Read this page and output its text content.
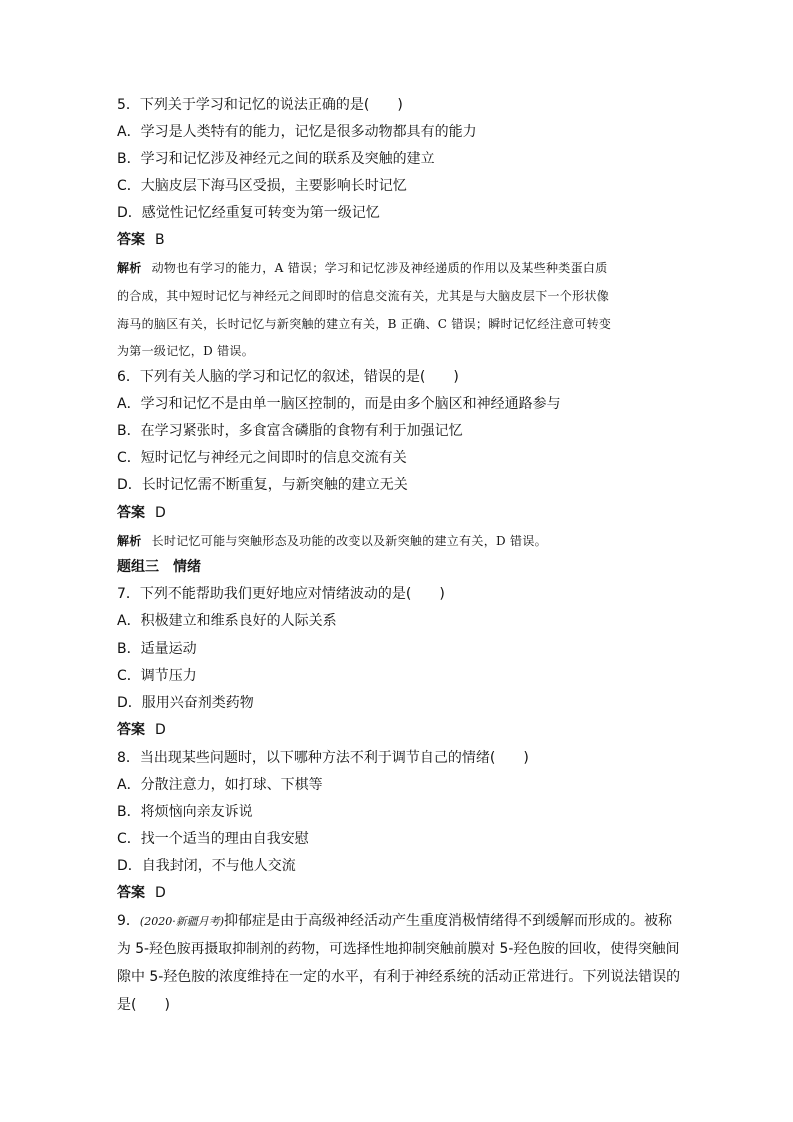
5．下列关于学习和记忆的说法正确的是(　　)
A．学习是人类特有的能力，记忆是很多动物都具有的能力
B．学习和记忆涉及神经元之间的联系及突触的建立
C．大脑皮层下海马区受损，主要影响长时记忆
D．感觉性记忆经重复可转变为第一级记忆
答案 B
解析 动物也有学习的能力，A 错误；学习和记忆涉及神经递质的作用以及某些种类蛋白质
的合成，其中短时记忆与神经元之间即时的信息交流有关，尤其是与大脑皮层下一个形状像
海马的脑区有关，长时记忆与新突触的建立有关，B 正确、C 错误；瞬时记忆经注意可转变
为第一级记忆，D 错误。
6．下列有关人脑的学习和记忆的叙述，错误的是(　　)
A．学习和记忆不是由单一脑区控制的，而是由多个脑区和神经通路参与
B．在学习紧张时，多食富含磷脂的食物有利于加强记忆
C．短时记忆与神经元之间即时的信息交流有关
D．长时记忆需不断重复，与新突触的建立无关
答案 D
解析 长时记忆可能与突触形态及功能的改变以及新突触的建立有关，D 错误。
题组三　情绪
7．下列不能帮助我们更好地应对情绪波动的是(　　)
A．积极建立和维系良好的人际关系
B．适量运动
C．调节压力
D．服用兴奋剂类药物
答案 D
8．当出现某些问题时，以下哪种方法不利于调节自己的情绪(　　)
A．分散注意力，如打球、下棋等
B．将烦恼向亲友诉说
C．找一个适当的理由自我安慰
D．自我封闭，不与他人交流
答案 D
9．(2020·新疆月考)抑郁症是由于高级神经活动产生重度消极情绪得不到缓解而形成的。被称
为 5-羟色胺再摄取抑制剂的药物，可选择性地抑制突触前膜对 5-羟色胺的回收，使得突触间
隙中 5-羟色胺的浓度维持在一定的水平，有利于神经系统的活动正常进行。下列说法错误的
是(　　)
